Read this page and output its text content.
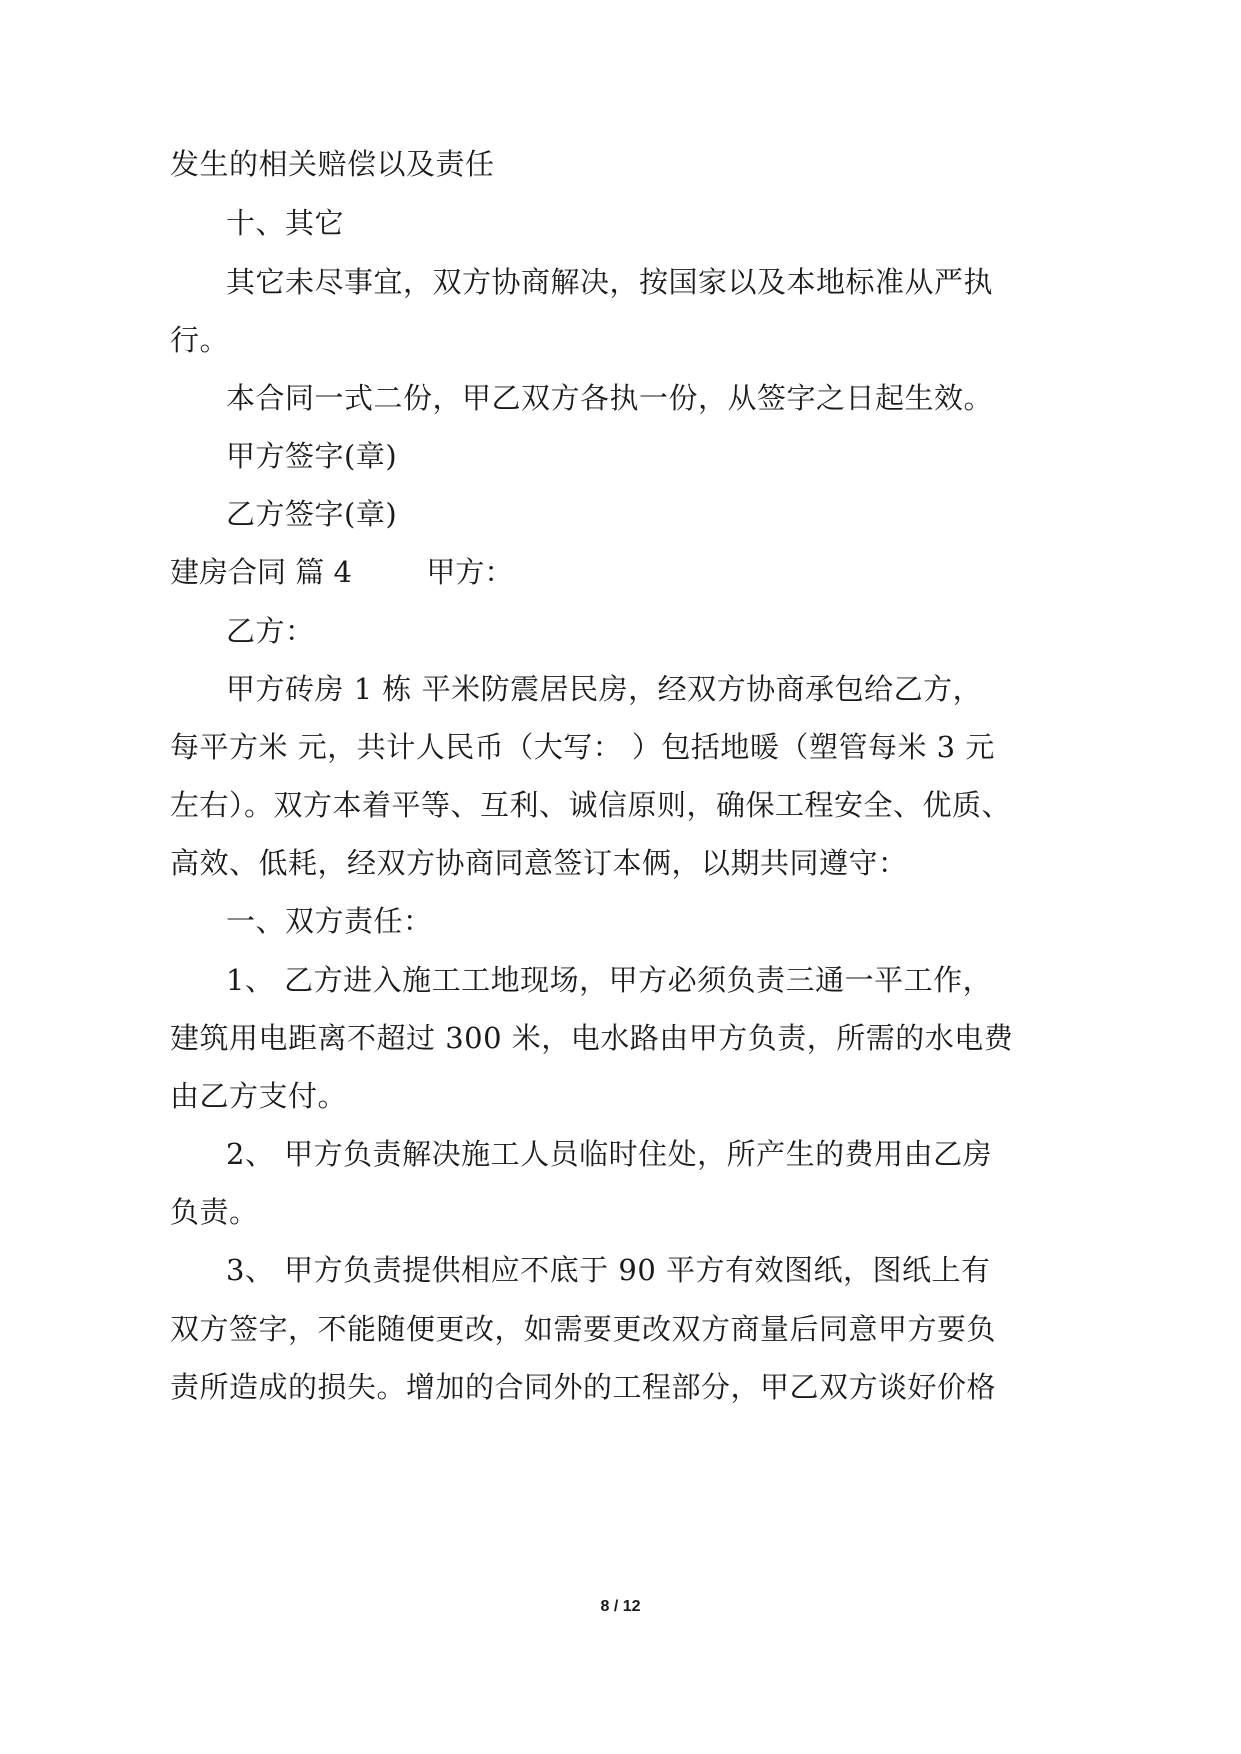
发生的相关赔偿以及责任
十、其它
其它未尽事宜，双方协商解决，按国家以及本地标准从严执
行。
本合同一式二份，甲乙双方各执一份，从签字之日起生效。
甲方签字(章)
乙方签字(章)
建房合同 篇 4	甲方：
乙方：
甲方砖房 1 栋 平米防震居民房，经双方协商承包给乙方，
每平方米 元，共计人民币（大写： ）包括地暖（塑管每米 3 元
左右）。双方本着平等、互利、诚信原则，确保工程安全、优质、
高效、低耗，经双方协商同意签订本俩，以期共同遵守：
一、双方责任：
1、 乙方进入施工工地现场，甲方必须负责三通一平工作，
建筑用电距离不超过 300 米，电水路由甲方负责，所需的水电费
由乙方支付。
2、 甲方负责解决施工人员临时住处，所产生的费用由乙房
负责。
3、 甲方负责提供相应不底于 90 平方有效图纸，图纸上有
双方签字，不能随便更改，如需要更改双方商量后同意甲方要负
责所造成的损失。增加的合同外的工程部分，甲乙双方谈好价格
8 / 12
